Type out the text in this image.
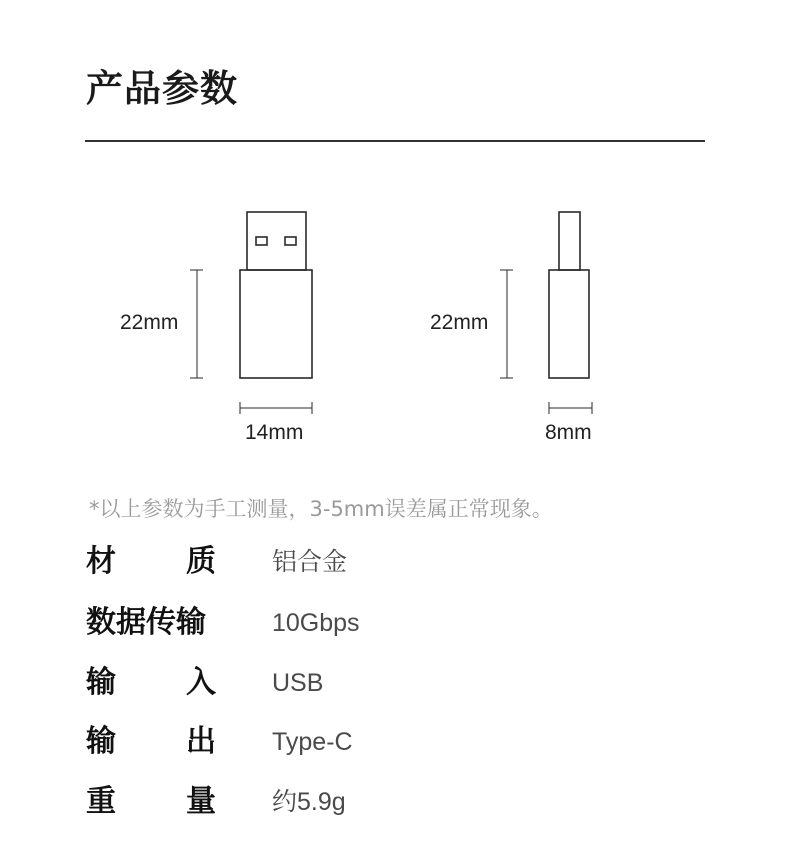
产品参数
22mm
14mm
22mm
8mm
*以上参数为手工测量，3-5mm误差属正常现象。
材 质 铝合金
数据传输	10Gbps
输 入 USB
输 出 Type-C
重 量 约5.9g
